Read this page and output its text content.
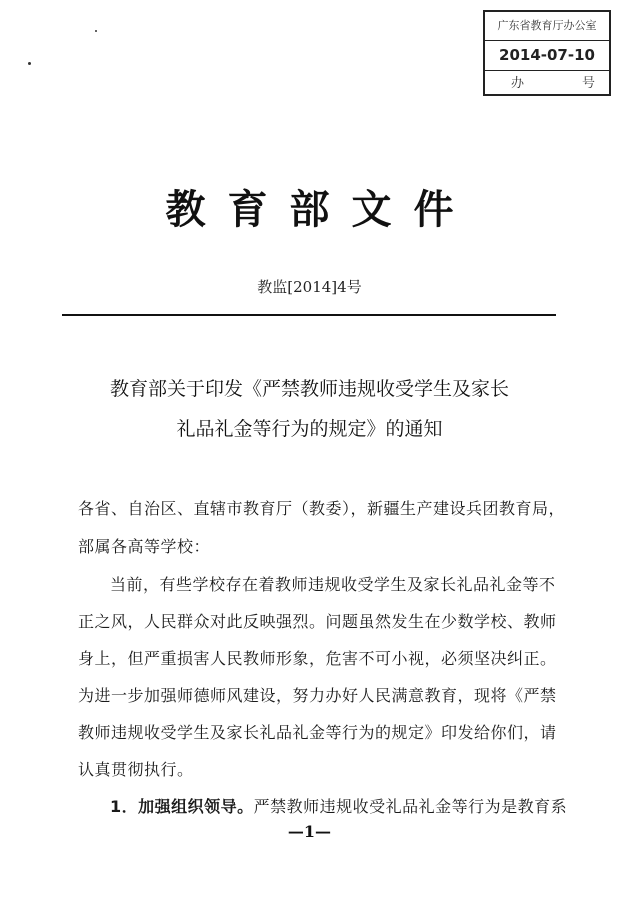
广东省教育厅办公室
2014-07-10
办	号
教育部文件
教监[2014]4号
教育部关于印发《严禁教师违规收受学生及家长
礼品礼金等行为的规定》的通知
各省、自治区、直辖市教育厅（教委），新疆生产建设兵团教育局，
部属各高等学校：
当前，有些学校存在着教师违规收受学生及家长礼品礼金等不
正之风，人民群众对此反映强烈。问题虽然发生在少数学校、教师
身上，但严重损害人民教师形象，危害不可小视，必须坚决纠正。
为进一步加强师德师风建设，努力办好人民满意教育，现将《严禁
教师违规收受学生及家长礼品礼金等行为的规定》印发给你们，请
认真贯彻执行。
1．加强组织领导。严禁教师违规收受礼品礼金等行为是教育系
—1—
